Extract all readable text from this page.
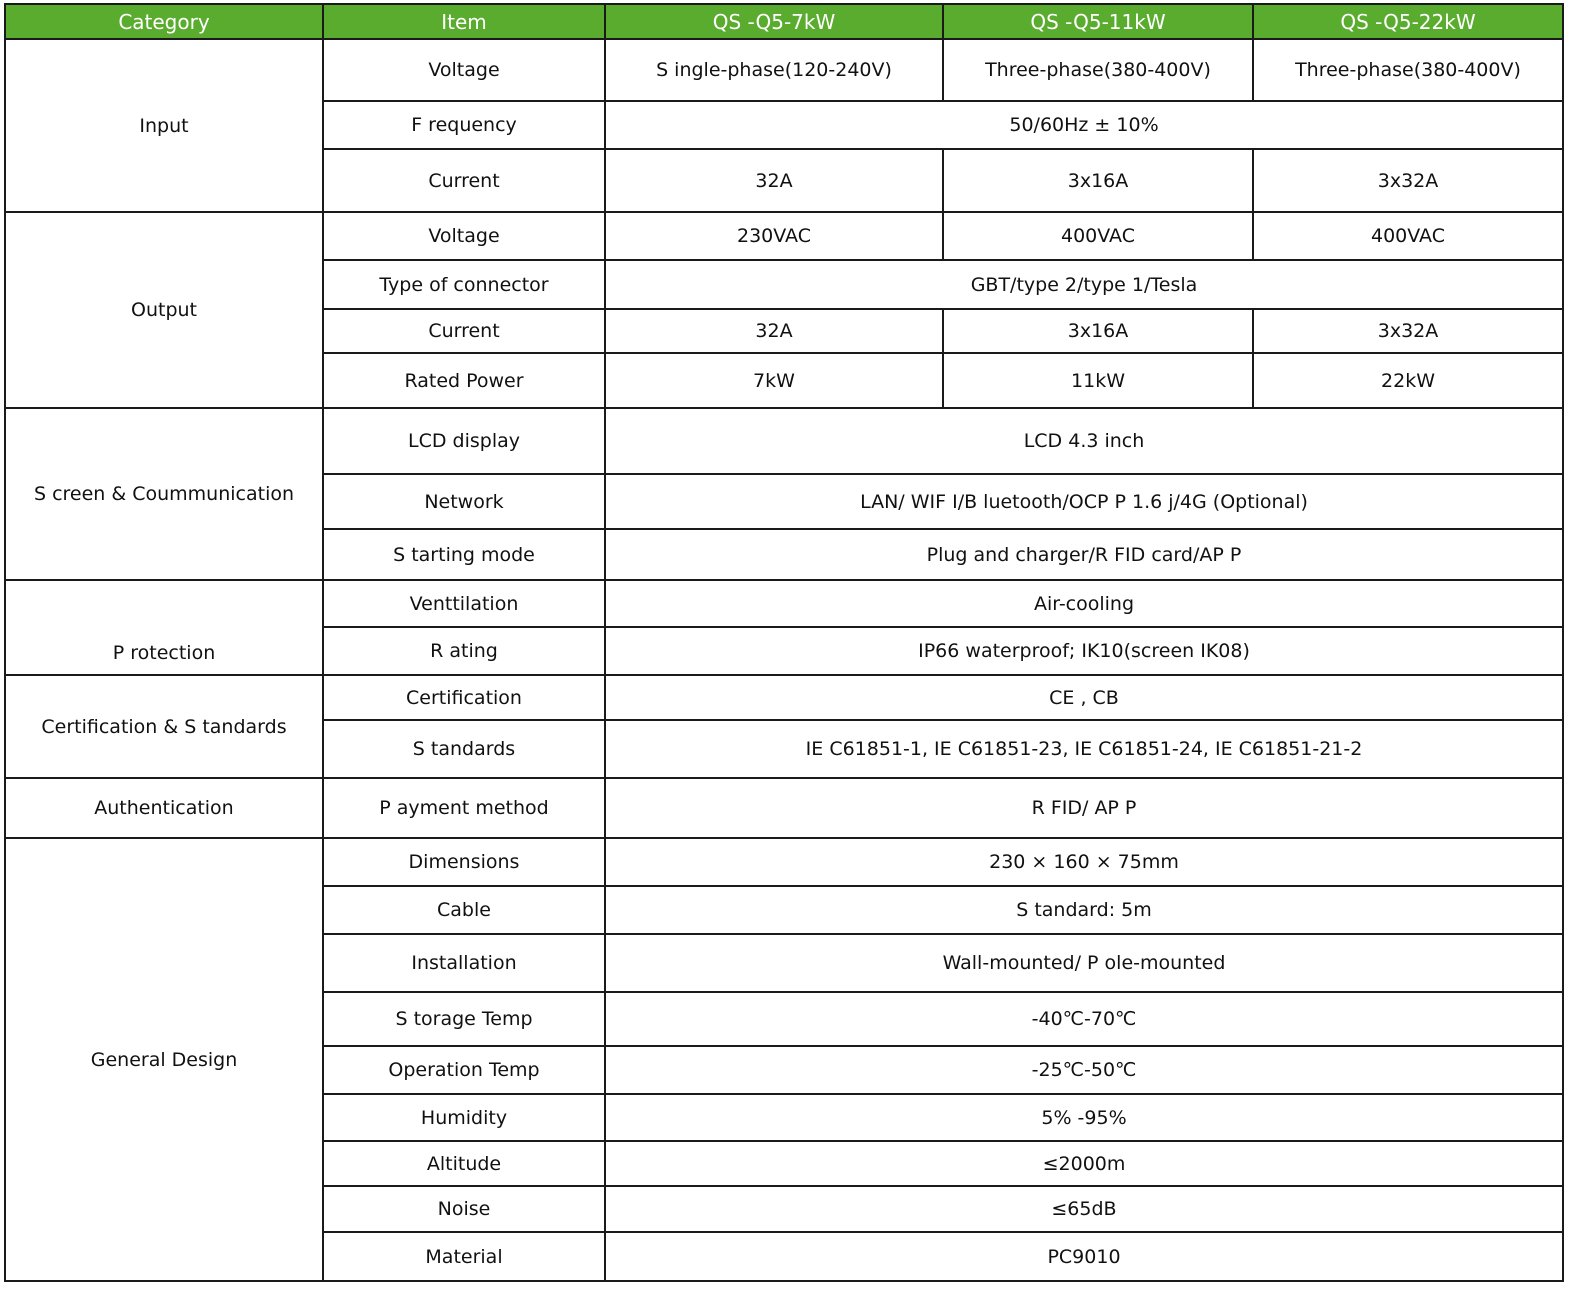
Category	Item	QS -Q5-7kW	QS -Q5-11kW	QS -Q5-22kW
Input	Voltage	S ingle-phase(120-240V)	Three-phase(380-400V)	Three-phase(380-400V)
	F requency	50/60Hz ± 10%		
	Current	32A	3x16A	3x32A
Output	Voltage	230VAC	400VAC	400VAC
	Type of connector	GBT/type 2/type 1/Tesla		
	Current	32A	3x16A	3x32A
	Rated Power	7kW	11kW	22kW
S creen & Coummunication	LCD display	LCD 4.3 inch		
	Network	LAN/ WIF I/B luetooth/OCP P 1.6 j/4G (Optional)		
	S tarting mode	Plug and charger/R FID card/AP P		
P rotection	Venttilation	Air-cooling		
	R ating	IP66 waterproof; IK10(screen IK08)		
Certification & S tandards	Certification	CE , CB		
	S tandards	IE C61851-1, IE C61851-23, IE C61851-24, IE C61851-21-2		
Authentication	P ayment method	R FID/ AP P		
General Design	Dimensions	230 × 160 × 75mm		
	Cable	S tandard: 5m		
	Installation	Wall-mounted/ P ole-mounted		
	S torage Temp	-40℃-70℃		
	Operation Temp	-25℃-50℃		
	Humidity	5% -95%		
	Altitude	≤2000m		
	Noise	≤65dB		
	Material	PC9010		
